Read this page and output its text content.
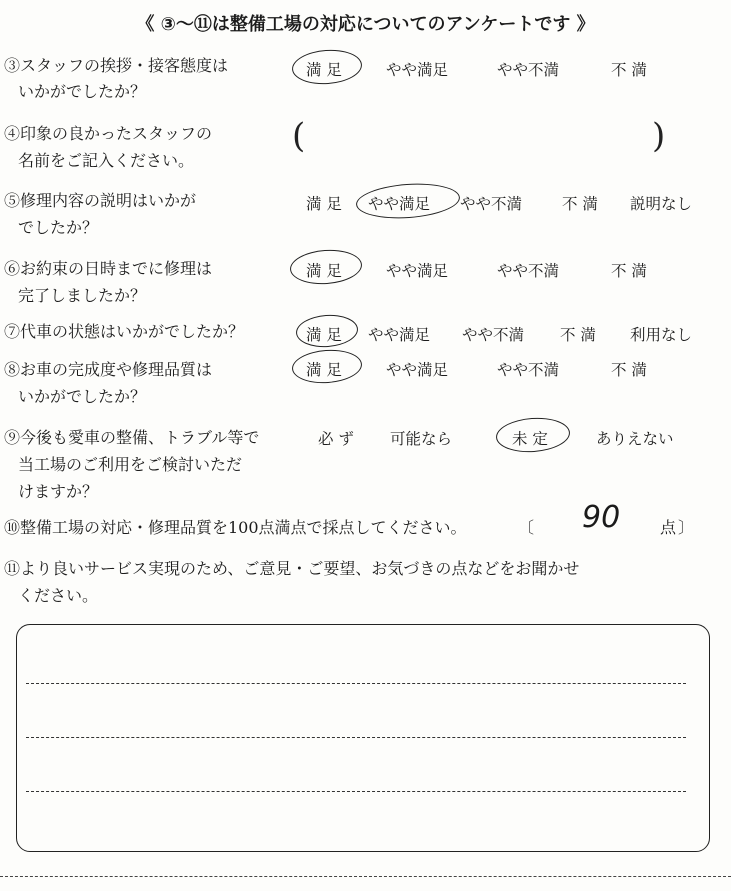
《 ③～⑪は整備工場の対応についてのアンケートです 》
③スタッフの挨拶・接客態度は
いかがでしたか？
満 足	やや満足	やや不満	不 満
④印象の良かったスタッフの
名前をご記入ください。
(	)
⑤修理内容の説明はいかが
でしたか？
満 足 やや満足 やや不満	不 満 説明なし
⑥お約束の日時までに修理は
完了しましたか？
満 足	やや満足	やや不満	不 満
⑦代車の状態はいかがでしたか？	満 足 やや満足 やや不満 不 満 利用なし
⑧お車の完成度や修理品質は
いかがでしたか？
満 足	やや満足	やや不満	不 満
⑨今後も愛車の整備、トラブル等で
当工場のご利用をご検討いただ
けますか？
必 ず 可能なら	未 定	ありえない
⑩整備工場の対応・修理品質を100点満点で採点してください。	〔 90 点 〕
⑪より良いサービス実現のため、ご意見・ご要望、お気づきの点などをお聞かせ
ください。
